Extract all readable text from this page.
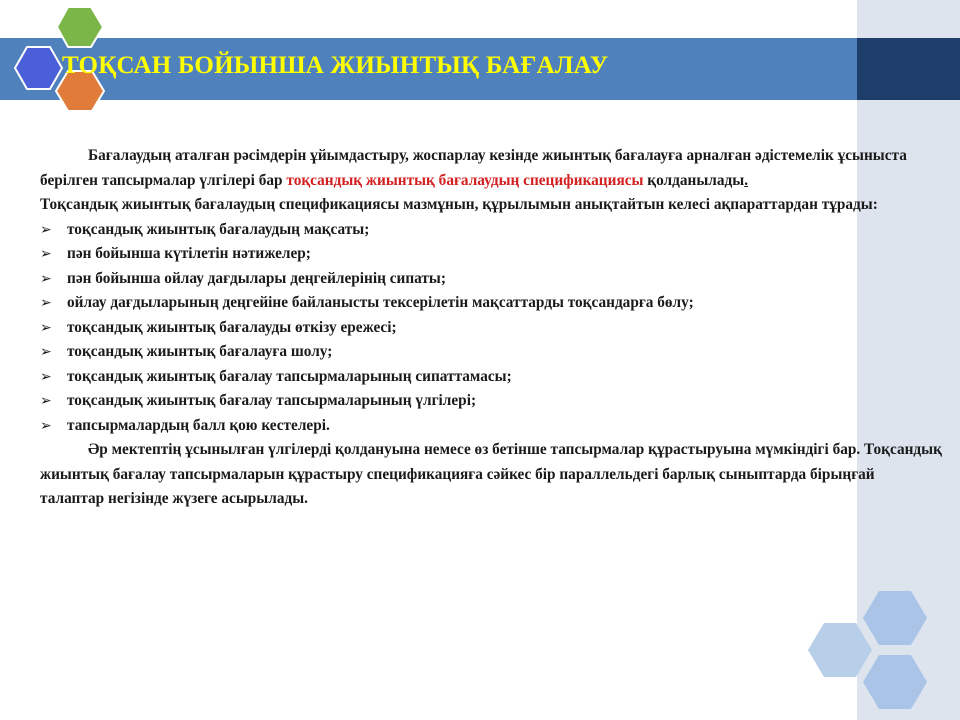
ТОҚСАН БОЙЫНША ЖИЫНТЫҚ БАҒАЛАУ

Бағалаудың аталған рәсімдерін ұйымдастыру, жоспарлау кезінде жиынтық бағалауға арналған әдістемелік ұсыныста берілген тапсырмалар үлгілері бар тоқсандық жиынтық бағалаудың спецификациясы қолданылады.

Тоқсандық жиынтық бағалаудың спецификациясы мазмұнын, құрылымын анықтайтын келесі ақпараттардан тұрады:

➢ тоқсандық жиынтық бағалаудың мақсаты;
➢ пән бойынша күтілетін нәтижелер;
➢ пән бойынша ойлау дағдылары деңгейлерінің сипаты;
➢ ойлау дағдыларының деңгейіне байланысты тексерілетін мақсаттарды тоқсандарға бөлу;
➢ тоқсандық жиынтық бағалауды өткізу ережесі;
➢ тоқсандық жиынтық бағалауға шолу;
➢ тоқсандық жиынтық бағалау тапсырмаларының сипаттамасы;
➢ тоқсандық жиынтық бағалау тапсырмаларының үлгілері;
➢ тапсырмалардың балл қою кестелері.

Әр мектептің ұсынылған үлгілерді қолдануына немесе өз бетінше тапсырмалар құрастыруына мүмкіндігі бар. Тоқсандық жиынтық бағалау тапсырмаларын құрастыру спецификацияға сәйкес бір параллельдегі барлық сыныптарда бірыңғай талаптар негізінде жүзеге асырылады.
